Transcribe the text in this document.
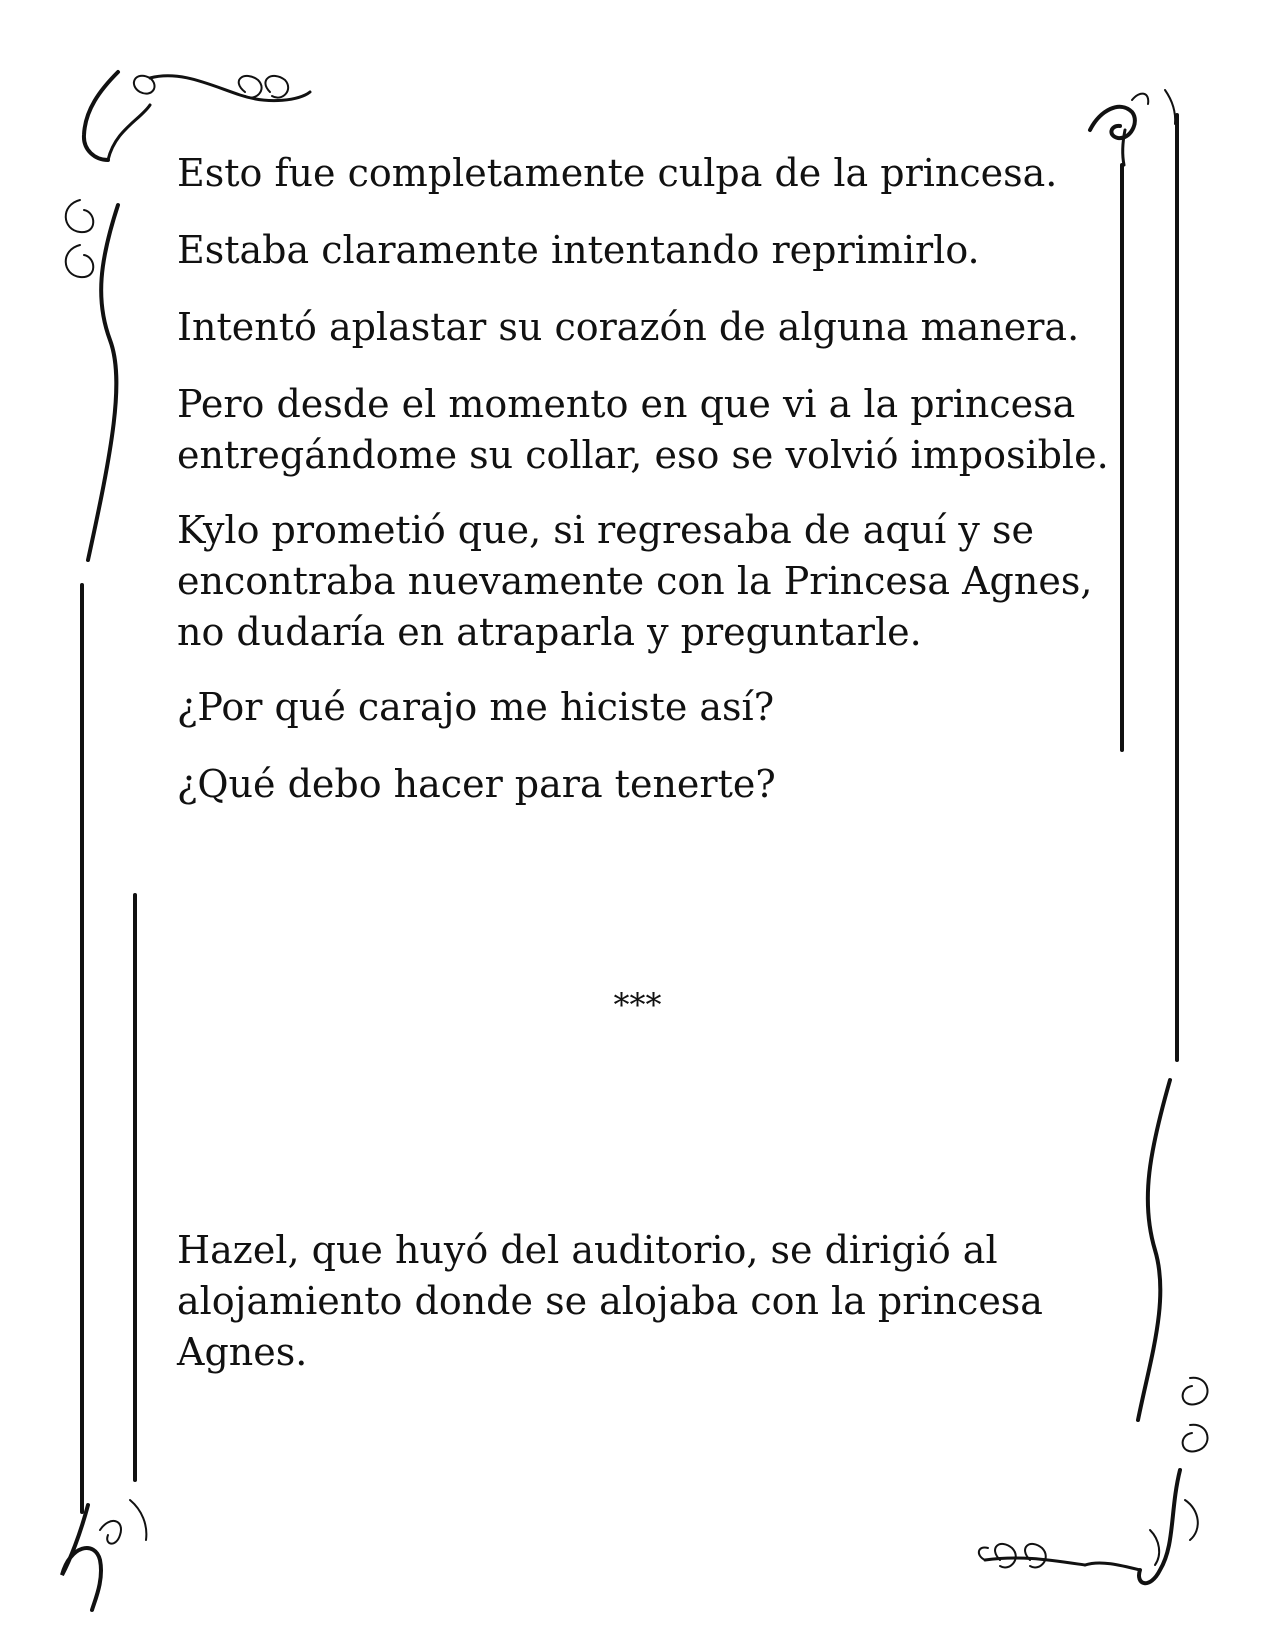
Esto fue completamente culpa de la princesa.

Estaba claramente intentando reprimirlo.

Intentó aplastar su corazón de alguna manera.

Pero desde el momento en que vi a la princesa entregándome su collar, eso se volvió imposible.

Kylo prometió que, si regresaba de aquí y se encontraba nuevamente con la Princesa Agnes, no dudaría en atraparla y preguntarle.

¿Por qué carajo me hiciste así?

¿Qué debo hacer para tenerte?

***

Hazel, que huyó del auditorio, se dirigió al alojamiento donde se alojaba con la princesa Agnes.
